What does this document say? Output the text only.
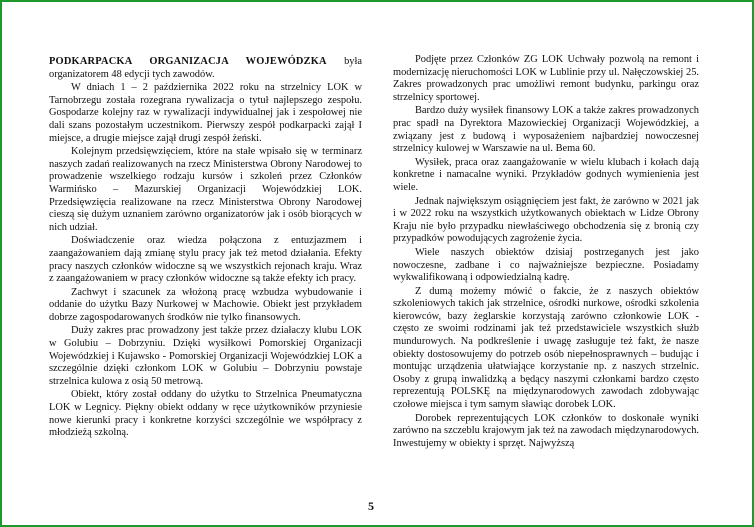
PODKARPACKA ORGANIZACJA WOJEWÓDZKA była organizatorem 48 edycji tych zawodów.

W dniach 1 – 2 października 2022 roku na strzelnicy LOK w Tarnobrzegu została rozegrana rywalizacja o tytuł najlepszego zespołu. Gospodarze kolejny raz w rywalizacji indywidualnej jak i zespołowej nie dali szans pozostałym uczestnikom. Pierwszy zespół podkarpacki zajął I miejsce, a drugie miejsce zajął drugi zespół żeński.

Kolejnym przedsięwzięciem, które na stałe wpisało się w terminarz naszych zadań realizowanych na rzecz Ministerstwa Obrony Narodowej to prowadzenie wszelkiego rodzaju kursów i szkoleń przez Członków Warmińsko – Mazurskiej Organizacji Wojewódzkiej LOK. Przedsięwzięcia realizowane na rzecz Ministerstwa Obrony Narodowej cieszą się dużym uznaniem zarówno organizatorów jak i osób biorących w nich udział.

Doświadczenie oraz wiedza połączona z entuzjazmem i zaangażowaniem dają zmianę stylu pracy jak też metod działania. Efekty pracy naszych członków widoczne są we wszystkich rejonach kraju. Wraz z zaangażowaniem w pracy członków widoczne są także efekty ich pracy.

Zachwyt i szacunek za włożoną pracę wzbudza wybudowanie i oddanie do użytku Bazy Nurkowej w Machowie. Obiekt jest przykładem dobrze zagospodarowanych środków nie tylko finansowych.

Duży zakres prac prowadzony jest także przez działaczy klubu LOK w Golubiu – Dobrzyniu. Dzięki wysiłkowi Pomorskiej Organizacji Wojewódzkiej i Kujawsko - Pomorskiej Organizacji Wojewódzkiej LOK a szczególnie dzięki członkom LOK w Golubiu – Dobrzyniu powstaje strzelnica kulowa z osią 50 metrową.

Obiekt, który został oddany do użytku to Strzelnica Pneumatyczna LOK w Legnicy. Piękny obiekt oddany w ręce użytkowników przyniesie nowe kierunki pracy i konkretne korzyści szczególnie we współpracy z młodzieżą szkolną.

Podjęte przez Członków ZG LOK Uchwały pozwolą na remont i modernizację nieruchomości LOK w Lublinie przy ul. Nałęczowskiej 25. Zakres prowadzonych prac umożliwi remont budynku, parkingu oraz strzelnicy sportowej.

Bardzo duży wysiłek finansowy LOK a także zakres prowadzonych prac spadł na Dyrektora Mazowieckiej Organizacji Wojewódzkiej, a związany jest z budową i wyposażeniem najbardziej nowoczesnej strzelnicy kulowej w Warszawie na ul. Bema 60.

Wysiłek, praca oraz zaangażowanie w wielu klubach i kołach dają konkretne i namacalne wyniki. Przykładów godnych wymienienia jest wiele.

Jednak największym osiągnięciem jest fakt, że zarówno w 2021 jak i w 2022 roku na wszystkich użytkowanych obiektach w Lidze Obrony Kraju nie było przypadku niewłaściwego obchodzenia się z bronią czy przypadków powodujących zagrożenie życia.

Wiele naszych obiektów dzisiaj postrzeganych jest jako nowoczesne, zadbane i co najważniejsze bezpieczne. Posiadamy wykwalifikowaną i odpowiedzialną kadrę.

Z dumą możemy mówić o fakcie, że z naszych obiektów szkoleniowych takich jak strzelnice, ośrodki nurkowe, ośrodki szkolenia kierowców, bazy żeglarskie korzystają zarówno członkowie LOK - często ze swoimi rodzinami jak też przedstawiciele wszystkich służb mundurowych. Na podkreślenie i uwagę zasługuje też fakt, że nasze obiekty dostosowujemy do potrzeb osób niepełnosprawnych – budując i montując urządzenia ułatwiające korzystanie np. z naszych strzelnic. Osoby z grupą inwalidzką a będący naszymi członkami bardzo często reprezentują POLSKĘ na międzynarodowych zawodach zdobywając czołowe miejsca i tym samym sławiąc dorobek LOK.

Dorobek reprezentujących LOK członków to doskonałe wyniki zarówno na szczeblu krajowym jak też na zawodach międzynarodowych. Inwestujemy w obiekty i sprzęt. Najwyższą

5
